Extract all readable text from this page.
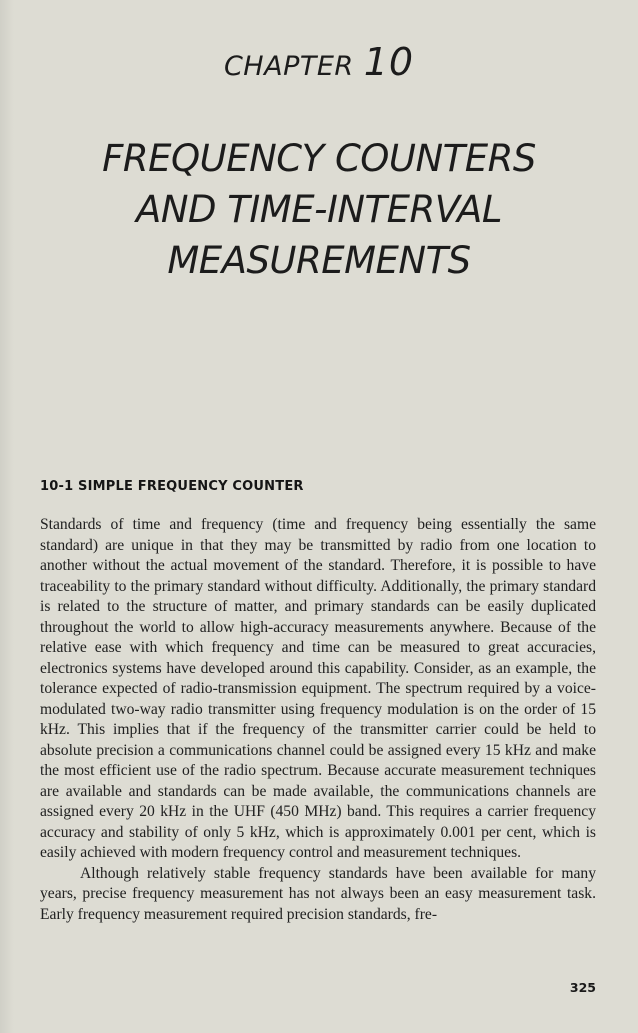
CHAPTER 10
FREQUENCY COUNTERS
AND TIME-INTERVAL
MEASUREMENTS
10-1 SIMPLE FREQUENCY COUNTER

Standards of time and frequency (time and frequency being essentially the same standard) are unique in that they may be transmitted by radio from one location to another without the actual movement of the standard. Therefore, it is possible to have traceability to the primary standard without difficulty. Additionally, the primary standard is related to the structure of matter, and primary standards can be easily duplicated throughout the world to allow high-accuracy measurements anywhere. Because of the relative ease with which frequency and time can be measured to great accuracies, electronics systems have developed around this capability. Consider, as an example, the tolerance expected of radio-transmission equipment. The spectrum required by a voice-modulated two-way radio transmitter using frequency modulation is on the order of 15 kHz. This implies that if the frequency of the transmitter carrier could be held to absolute precision a communications channel could be assigned every 15 kHz and make the most efficient use of the radio spectrum. Because accurate measurement techniques are available and standards can be made available, the communications channels are assigned every 20 kHz in the UHF (450 MHz) band. This requires a carrier frequency accuracy and stability of only 5 kHz, which is approximately 0.001 per cent, which is easily achieved with modern frequency control and measurement techniques.

Although relatively stable frequency standards have been available for many years, precise frequency measurement has not always been an easy measurement task. Early frequency measurement required precision standards, fre-

325
